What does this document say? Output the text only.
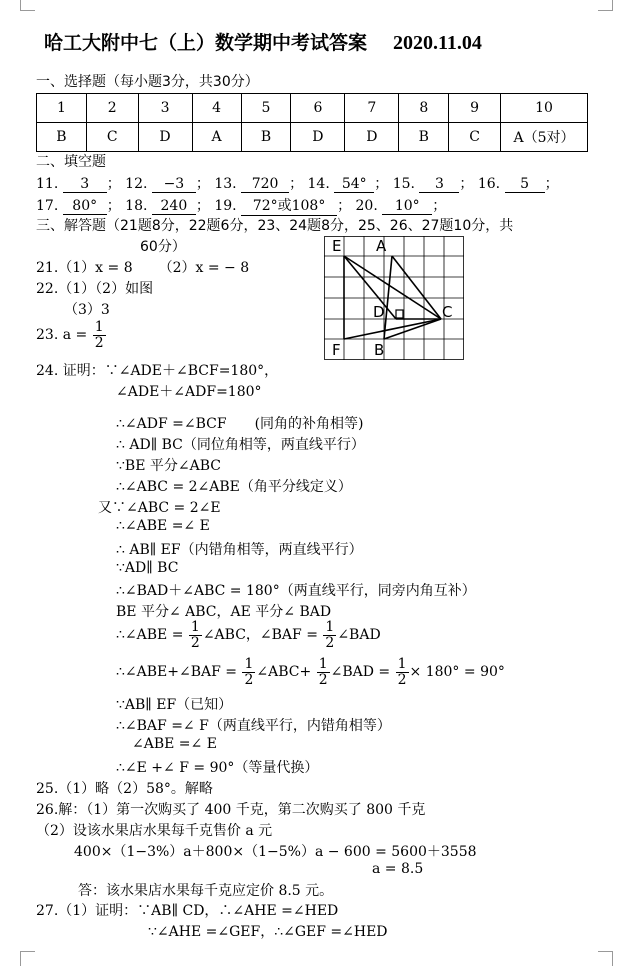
哈工大附中七（上）数学期中考试答案 2020.11.04
一、选择题（每小题3分，共30分）
1	2	3	4	5	6	7	8	9	10
B	C	D	A	B	D	D	B	C	A（5对）
二、填空题
11. 3 ； 12. −3 ； 13. 720 ； 14. 54° ； 15. 3 ； 16. 5 ；
17. 80° ； 18. 240 ； 19. 72°或108° ； 20. 10° ；
三、解答题（21题8分，22题6分，23、24题8分，25、26、27题10分，共
60分）
21.（1）x = 8 （2）x = − 8
22.（1）（2）如图
（3）3
23. $a = \frac{1}{2}$
E A
D	C
F B
24. 证明：∵∠ADE＋∠BCF=180°，
∠ADE＋∠ADF=180°
∴∠ADF =∠BCF　　(同角的补角相等)
∴ AD∥ BC（同位角相等，两直线平行）
∵BE 平分∠ABC
∴∠ABC = 2∠ABE（角平分线定义）
又∵∠ABC = 2∠E
∴∠ABE =∠ E
∴ AB∥ EF（内错角相等，两直线平行）
∵AD∥ BC
∴∠BAD＋∠ABC = 180°（两直线平行，同旁内角互补）
BE 平分∠ ABC，AE 平分∠ BAD
∴∠ABE = $\frac{1}{2}$ ∠ABC，∠BAF = $\frac{1}{2}$ ∠BAD
∴∠ABE+∠BAF = $\frac{1}{2}$ ∠ABC+ $\frac{1}{2}$ ∠BAD = $\frac{1}{2} \times 180^\circ = 90^\circ$
∵AB∥ EF（已知）
∴∠BAF =∠ F（两直线平行，内错角相等）
∠ABE =∠ E
∴∠E +∠ F = 90°（等量代换）
25.（1）略（2）58°。解略
26.解：（1）第一次购买了 400 千克，第二次购买了 800 千克
（2）设该水果店水果每千克售价 a 元
400×（1−3%）a＋800×（1−5%）a − 600 = 5600＋3558
a = 8.5
答：该水果店水果每千克应定价 8.5 元。
27.（1）证明：∵AB∥ CD，∴∠AHE =∠HED
∵∠AHE =∠GEF，∴∠GEF =∠HED
